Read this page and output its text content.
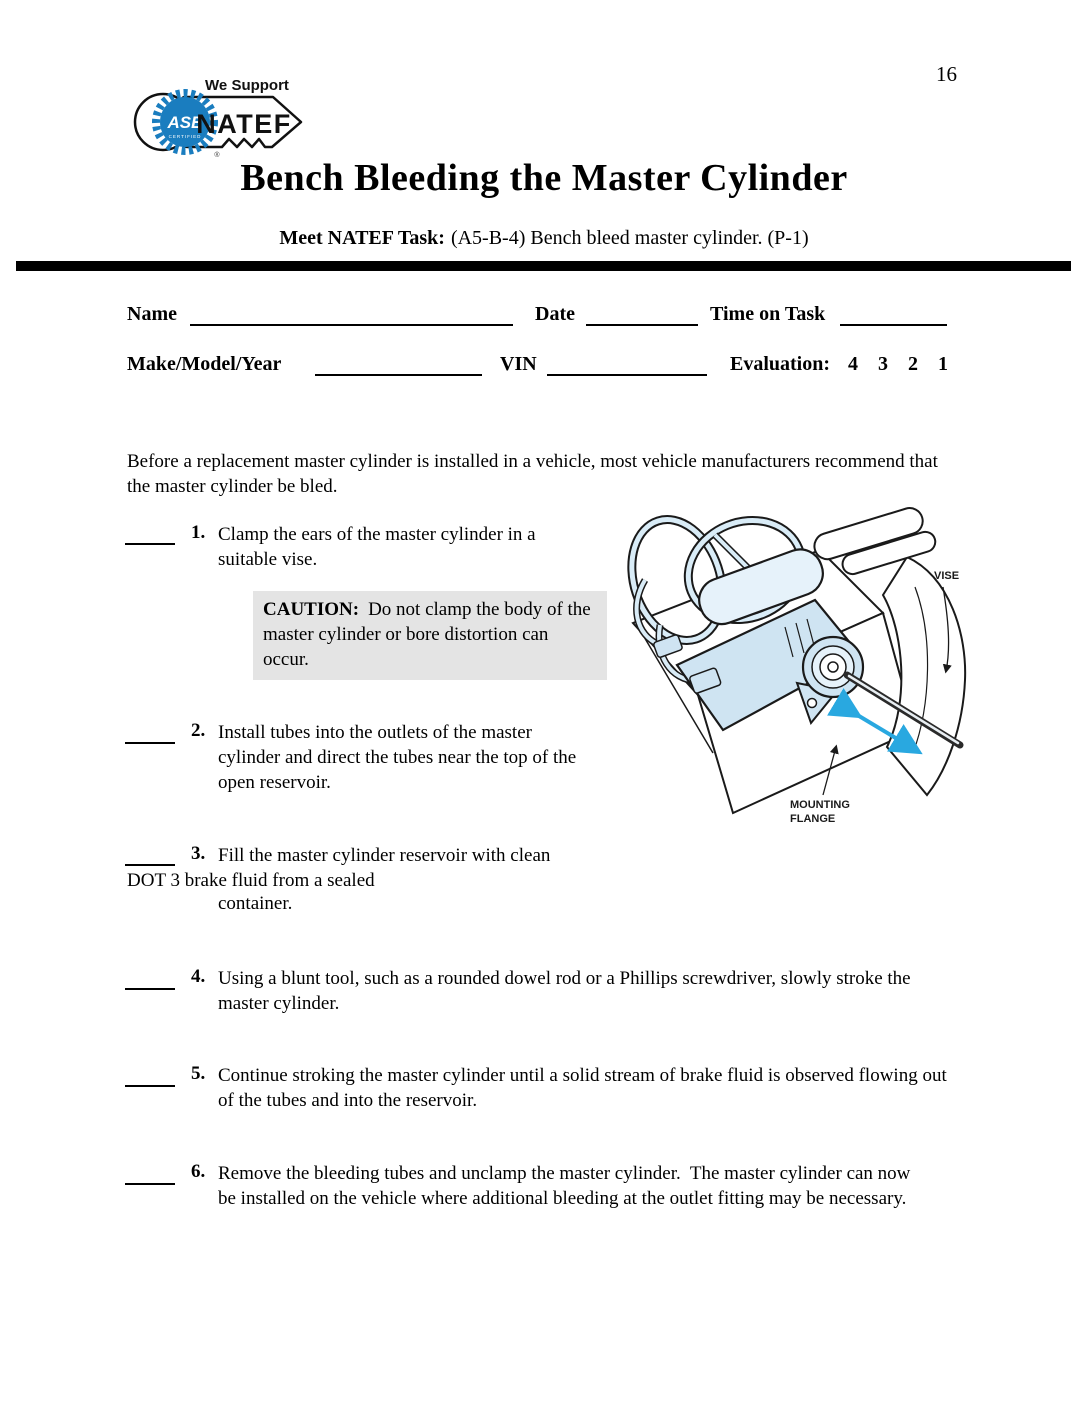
16
ASE
CERTIFIED
We Support
NATEF
®
Bench Bleeding the Master Cylinder
Meet NATEF Task: (A5-B-4) Bench bleed master cylinder. (P-1)
Name	Date	Time on Task
Make/Model/Year	VIN	Evaluation: 4    3    2    1
Before a replacement master cylinder is installed in a vehicle, most vehicle manufacturers recommend that the master cylinder be bled.
1. Clamp the ears of the master cylinder in a suitable vise.
CAUTION: Do not clamp the body of the master cylinder or bore distortion can occur.
2. Install tubes into the outlets of the master cylinder and direct the tubes near the top of the open reservoir.
3. Fill the master cylinder reservoir with clean
DOT 3 brake fluid from a sealed
container.
4. Using a blunt tool, such as a rounded dowel rod or a Phillips screwdriver, slowly stroke the master cylinder.
5. Continue stroking the master cylinder until a solid stream of brake fluid is observed flowing out of the tubes and into the reservoir.
6. Remove the bleeding tubes and unclamp the master cylinder.  The master cylinder can now be installed on the vehicle where additional bleeding at the outlet fitting may be necessary.
VISE
MOUNTING
FLANGE
